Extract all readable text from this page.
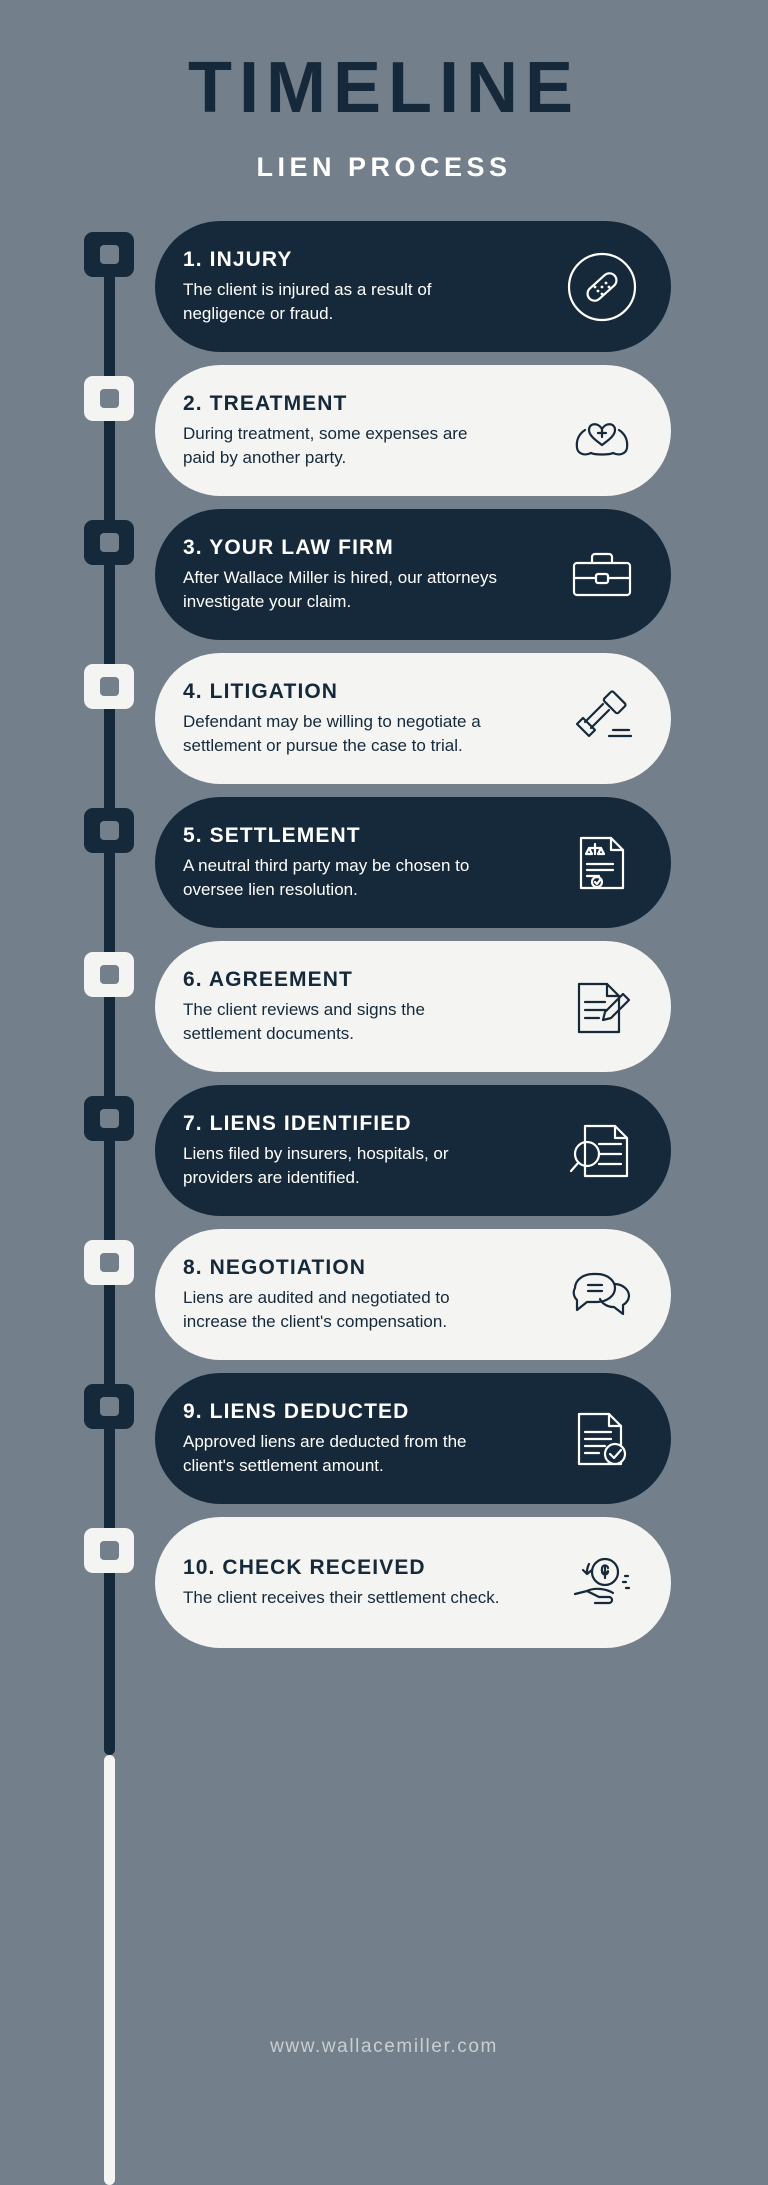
TIMELINE
LIEN PROCESS
1. INJURY
The client is injured as a result of negligence or fraud.
2. TREATMENT
During treatment, some expenses are paid by another party.
3. YOUR LAW FIRM
After Wallace Miller is hired, our attorneys investigate your claim.
4. LITIGATION
Defendant may be willing to negotiate a settlement or pursue the case to trial.
5. SETTLEMENT
A neutral third party may be chosen to oversee lien resolution.
6. AGREEMENT
The client reviews and signs the settlement documents.
7. LIENS IDENTIFIED
Liens filed by insurers, hospitals, or providers are identified.
8. NEGOTIATION
Liens are audited and negotiated to increase the client's compensation.
9. LIENS DEDUCTED
Approved liens are deducted from the client's settlement amount.
10. CHECK RECEIVED
The client receives their settlement check.
www.wallacemiller.com
